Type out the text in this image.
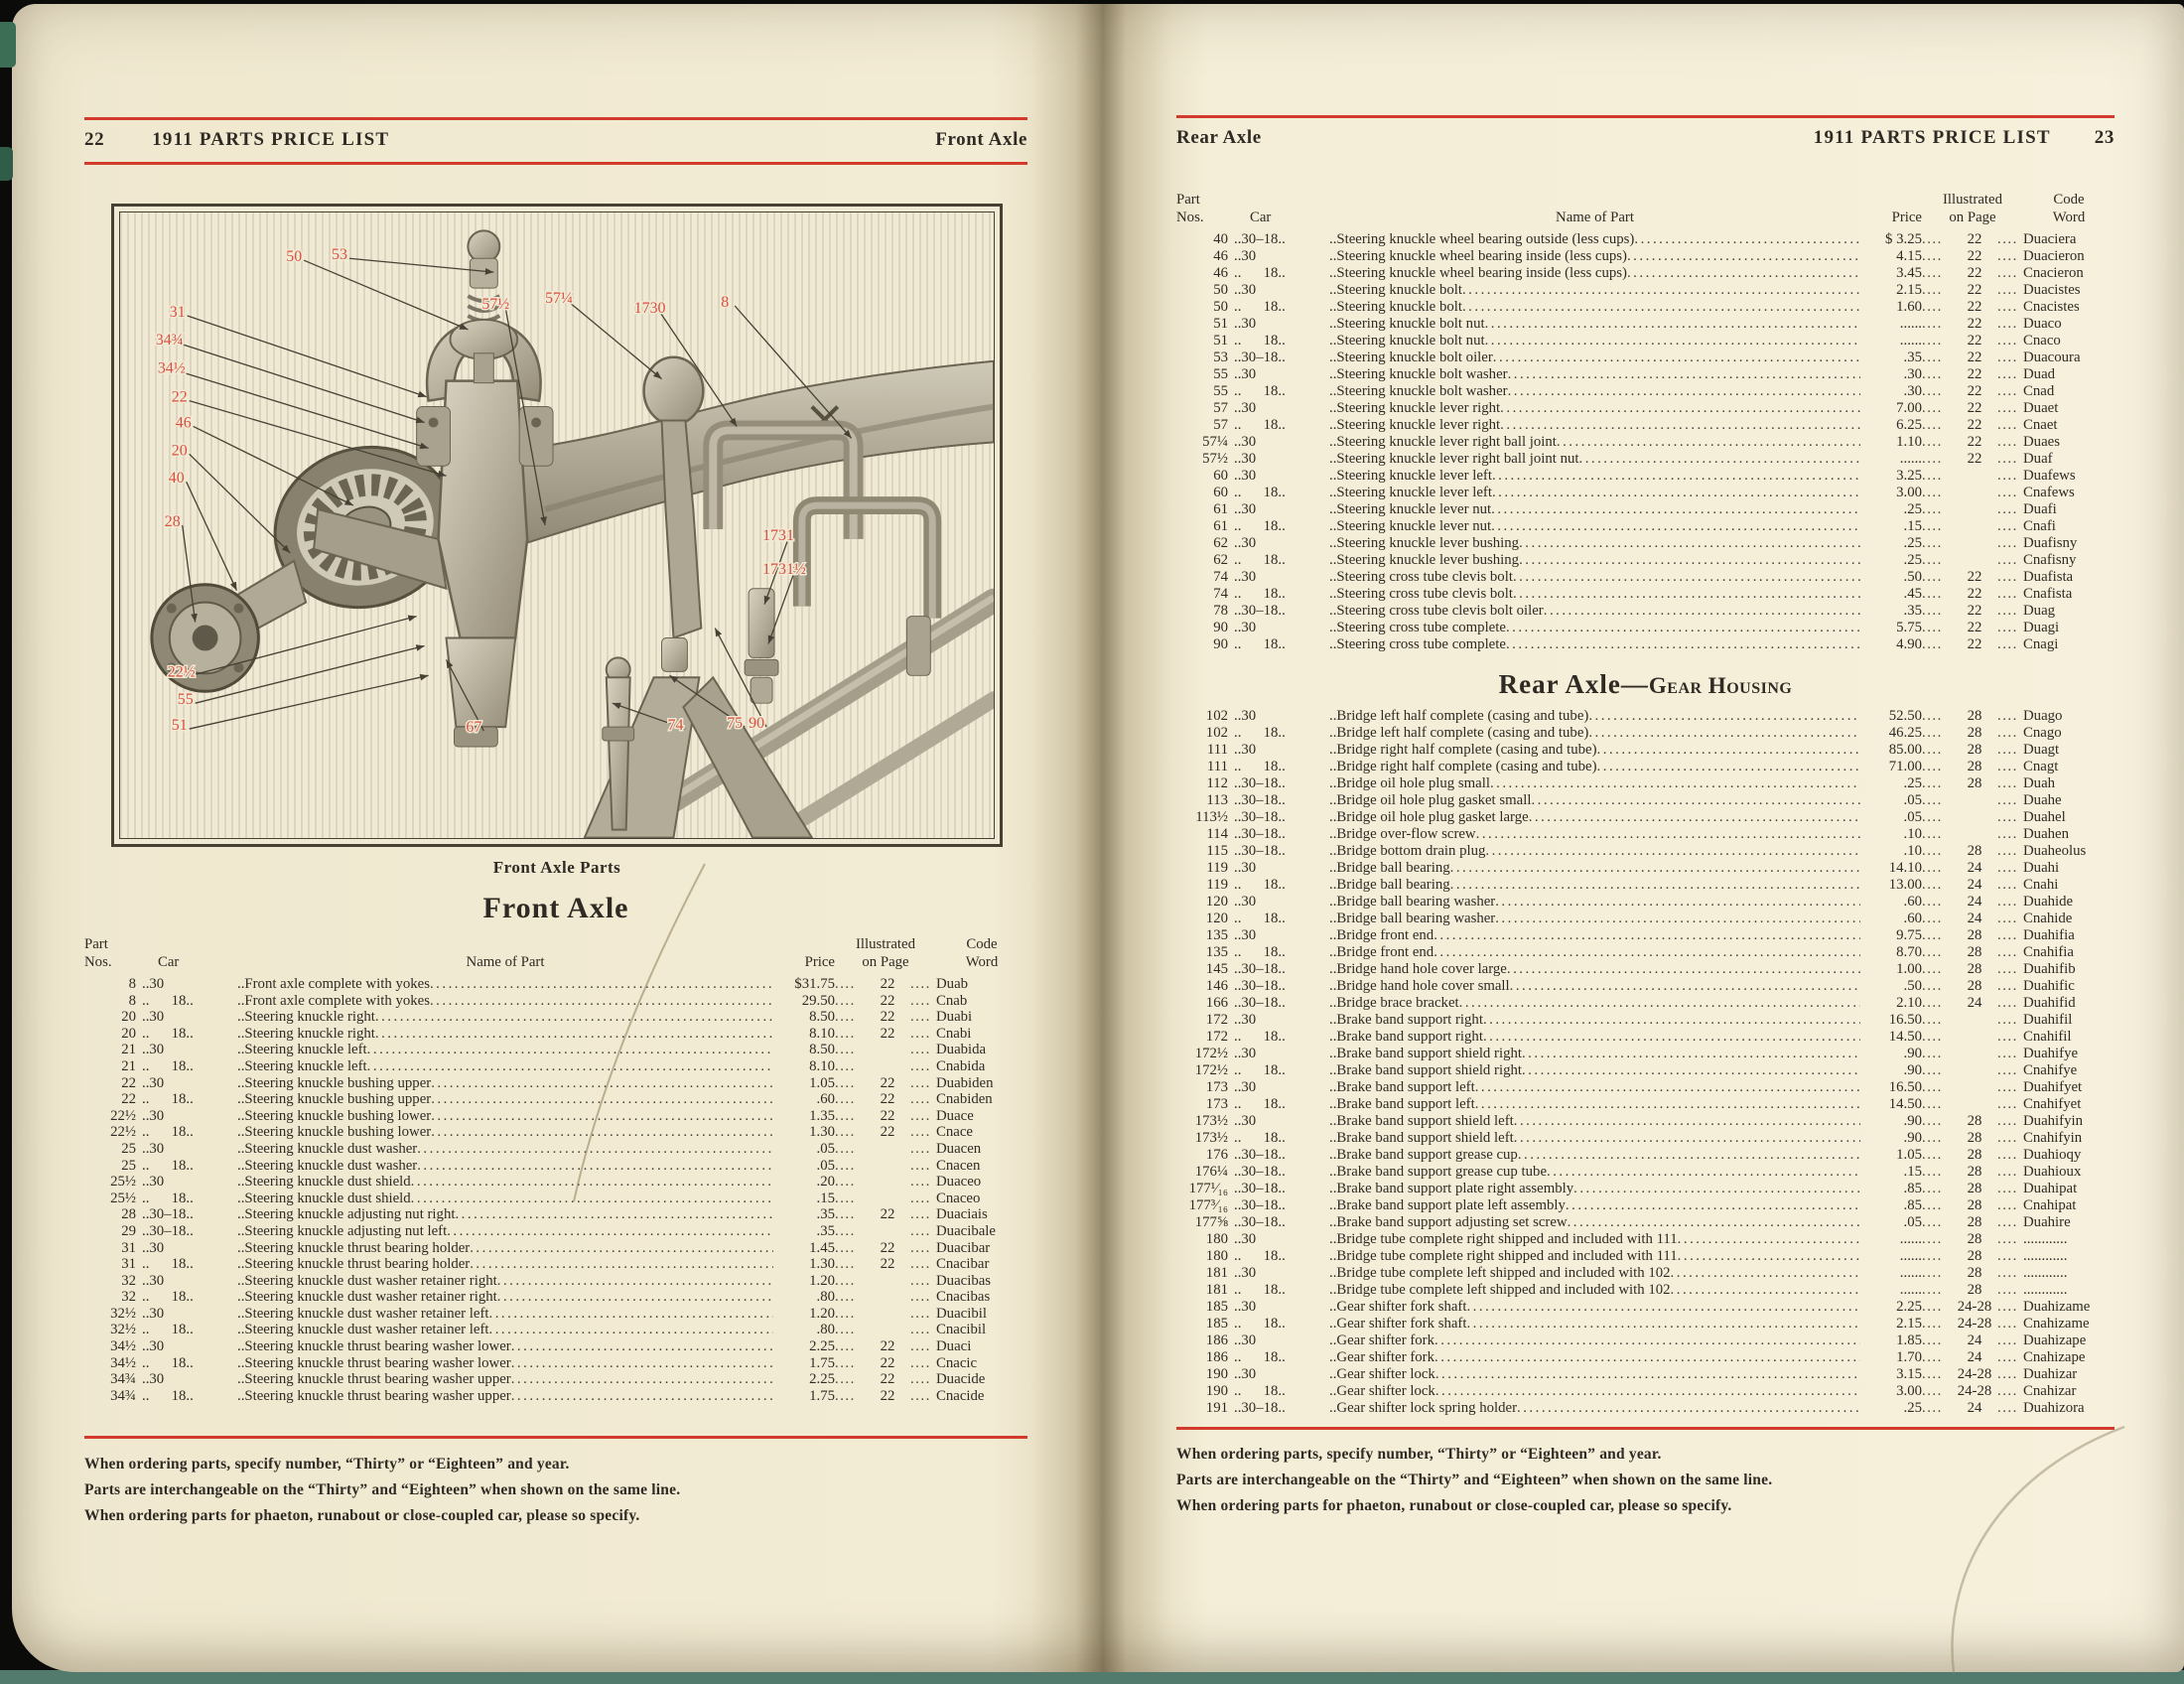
22	1911 PARTS PRICE LIST	Front Axle
50 53
31
34¾
34½
22
46
20
40
28
57½ 57¼
1730	8
1731
1731½
22½
55
51	67	74	75 90
Front Axle Parts
Front Axle
Part
Nos.	Car	Name of Part	Price
Illustrated
on Page
Code
Word
8 ..30	..Front axle complete with yokes .....	$31.75 ....	22	.... Duab
8 ..   18..	..Front axle complete with yokes .....	29.50 ....	22	.... Cnab
20 ..30	..Steering knuckle right .....	8.50 ....	22	.... Duabi
20 ..   18..	..Steering knuckle right .....	8.10 ....	22	.... Cnabi
21 ..30	..Steering knuckle left .....	8.50 ....	.... Duabida
21 ..   18..	..Steering knuckle left .....	8.10 ....	.... Cnabida
22 ..30	..Steering knuckle bushing upper .....	1.05 ....	22	.... Duabiden
22 ..   18..	..Steering knuckle bushing upper .....	.60 ....	22	.... Cnabiden
22½ ..30	..Steering knuckle bushing lower .....	1.35 ....	22	.... Duace
22½ ..   18..	..Steering knuckle bushing lower .....	1.30 ....	22	.... Cnace
25 ..30	..Steering knuckle dust washer .....	.05 ....	.... Duacen
25 ..   18..	..Steering knuckle dust washer .....	.05 ....	.... Cnacen
25½ ..30	..Steering knuckle dust shield .....	.20 ....	.... Duaceo
25½ ..   18..	..Steering knuckle dust shield .....	.15 ....	.... Cnaceo
28 ..30–18..	..Steering knuckle adjusting nut right .....	.35 ....	22	.... Duaciais
29 ..30–18..	..Steering knuckle adjusting nut left .....	.35 ....	.... Duacibale
31 ..30	..Steering knuckle thrust bearing holder .....	1.45 ....	22	.... Duacibar
31 ..   18..	..Steering knuckle thrust bearing holder .....	1.30 ....	22	.... Cnacibar
32 ..30	..Steering knuckle dust washer retainer right .....	1.20 ....	.... Duacibas
32 ..   18..	..Steering knuckle dust washer retainer right .....	.80 ....	.... Cnacibas
32½ ..30	..Steering knuckle dust washer retainer left .....	1.20 ....	.... Duacibil
32½ ..   18..	..Steering knuckle dust washer retainer left .....	.80 ....	.... Cnacibil
34½ ..30	..Steering knuckle thrust bearing washer lower .....	2.25 ....	22	.... Duaci
34½ ..   18..	..Steering knuckle thrust bearing washer lower .....	1.75 ....	22	.... Cnacic
34¾ ..30	..Steering knuckle thrust bearing washer upper .....	2.25 ....	22	.... Duacide
34¾ ..   18..	..Steering knuckle thrust bearing washer upper .....	1.75 ....	22	.... Cnacide
When ordering parts, specify number, “Thirty” or “Eighteen” and year.
Parts are interchangeable on the “Thirty” and “Eighteen” when shown on the same line.
When ordering parts for phaeton, runabout or close-coupled car, please so specify.
Rear Axle	1911 PARTS PRICE LIST 23
Part
Nos.	Car	Name of Part	Price
Illustrated
on Page
Code
Word
40 ..30–18..	..Steering knuckle wheel bearing outside (less cups) .....	$ 3.25 ....	22	.... Duaciera
46 ..30	..Steering knuckle wheel bearing inside (less cups) .....	4.15 ....	22	.... Duacieron
46 ..   18..	..Steering knuckle wheel bearing inside (less cups) .....	3.45 ....	22	.... Cnacieron
50 ..30	..Steering knuckle bolt .....	2.15 ....	22	.... Duacistes
50 ..   18..	..Steering knuckle bolt .....	1.60 ....	22	.... Cnacistes
51 ..30	..Steering knuckle bolt nut .....	...... ....	22	.... Duaco
51 ..   18..	..Steering knuckle bolt nut .....	...... ....	22	.... Cnaco
53 ..30–18..	..Steering knuckle bolt oiler .....	.35 ....	22	.... Duacoura
55 ..30	..Steering knuckle bolt washer .....	.30 ....	22	.... Duad
55 ..   18..	..Steering knuckle bolt washer .....	.30 ....	22	.... Cnad
57 ..30	..Steering knuckle lever right .....	7.00 ....	22	.... Duaet
57 ..   18..	..Steering knuckle lever right .....	6.25 ....	22	.... Cnaet
57¼ ..30	..Steering knuckle lever right ball joint .....	1.10 ....	22	.... Duaes
57½ ..30	..Steering knuckle lever right ball joint nut .....	...... ....	22	.... Duaf
60 ..30	..Steering knuckle lever left .....	3.25 ....	.... Duafews
60 ..   18..	..Steering knuckle lever left .....	3.00 ....	.... Cnafews
61 ..30	..Steering knuckle lever nut .....	.25 ....	.... Duafi
61 ..   18..	..Steering knuckle lever nut .....	.15 ....	.... Cnafi
62 ..30	..Steering knuckle lever bushing .....	.25 ....	.... Duafisny
62 ..   18..	..Steering knuckle lever bushing .....	.25 ....	.... Cnafisny
74 ..30	..Steering cross tube clevis bolt .....	.50 ....	22	.... Duafista
74 ..   18..	..Steering cross tube clevis bolt .....	.45 ....	22	.... Cnafista
78 ..30–18..	..Steering cross tube clevis bolt oiler .....	.35 ....	22	.... Duag
90 ..30	..Steering cross tube complete .....	5.75 ....	22	.... Duagi
90 ..   18..	..Steering cross tube complete .....	4.90 ....	22	.... Cnagi
Rear Axle—Gear Housing
102 ..30	..Bridge left half complete (casing and tube) .....	52.50 ....	28	.... Duago
102 ..   18..	..Bridge left half complete (casing and tube) .....	46.25 ....	28	.... Cnago
111 ..30	..Bridge right half complete (casing and tube) .....	85.00 ....	28	.... Duagt
111 ..   18..	..Bridge right half complete (casing and tube) .....	71.00 ....	28	.... Cnagt
112 ..30–18..	..Bridge oil hole plug small .....	.25 ....	28	.... Duah
113 ..30–18..	..Bridge oil hole plug gasket small .....	.05 ....	.... Duahe
113½ ..30–18..	..Bridge oil hole plug gasket large .....	.05 ....	.... Duahel
114 ..30–18..	..Bridge over-flow screw .....	.10 ....	.... Duahen
115 ..30–18..	..Bridge bottom drain plug .....	.10 ....	28	.... Duaheolus
119 ..30	..Bridge ball bearing .....	14.10 ....	24	.... Duahi
119 ..   18..	..Bridge ball bearing .....	13.00 ....	24	.... Cnahi
120 ..30	..Bridge ball bearing washer .....	.60 ....	24	.... Duahide
120 ..   18..	..Bridge ball bearing washer .....	.60 ....	24	.... Cnahide
135 ..30	..Bridge front end .....	9.75 ....	28	.... Duahifia
135 ..   18..	..Bridge front end .....	8.70 ....	28	.... Cnahifia
145 ..30–18..	..Bridge hand hole cover large .....	1.00 ....	28	.... Duahifib
146 ..30–18..	..Bridge hand hole cover small .....	.50 ....	28	.... Duahific
166 ..30–18..	..Bridge brace bracket .....	2.10 ....	24	.... Duahifid
172 ..30	..Brake band support right .....	16.50 ....	.... Duahifil
172 ..   18..	..Brake band support right .....	14.50 ....	.... Cnahifil
172½ ..30	..Brake band support shield right .....	.90 ....	.... Duahifye
172½ ..   18..	..Brake band support shield right .....	.90 ....	.... Cnahifye
173 ..30	..Brake band support left .....	16.50 ....	.... Duahifyet
173 ..   18..	..Brake band support left .....	14.50 ....	.... Cnahifyet
173½ ..30	..Brake band support shield left .....	.90 ....	28	.... Duahifyin
173½ ..   18..	..Brake band support shield left .....	.90 ....	28	.... Cnahifyin
176 ..30–18..	..Brake band support grease cup .....	1.05 ....	28	.... Duahioqy
176¼ ..30–18..	..Brake band support grease cup tube .....	.15 ....	28	.... Duahioux
177¹⁄₁₆ ..30–18..	..Brake band support plate right assembly .....	.85 ....	28	.... Duahipat
177³⁄₁₆ ..30–18..	..Brake band support plate left assembly .....	.85 ....	28	.... Cnahipat
177⅝ ..30–18..	..Brake band support adjusting set screw .....	.05 ....	28	.... Duahire
180 ..30	..Bridge tube complete right shipped and included with 111 .....	...... ....	28	.... ............
180 ..   18..	..Bridge tube complete right shipped and included with 111 .....	...... ....	28	.... ............
181 ..30	..Bridge tube complete left shipped and included with 102 .....	...... ....	28	.... ............
181 ..   18..	..Bridge tube complete left shipped and included with 102 .....	...... ....	28	.... ............
185 ..30	..Gear shifter fork shaft .....	2.25 ....	24-28 .... Duahizame
185 ..   18..	..Gear shifter fork shaft .....	2.15 ....	24-28 .... Cnahizame
186 ..30	..Gear shifter fork .....	1.85 ....	24	.... Duahizape
186 ..   18..	..Gear shifter fork .....	1.70 ....	24	.... Cnahizape
190 ..30	..Gear shifter lock .....	3.15 ....	24-28 .... Duahizar
190 ..   18..	..Gear shifter lock .....	3.00 ....	24-28 .... Cnahizar
191 ..30–18..	..Gear shifter lock spring holder .....	.25 ....	24	.... Duahizora
When ordering parts, specify number, “Thirty” or “Eighteen” and year.
Parts are interchangeable on the “Thirty” and “Eighteen” when shown on the same line.
When ordering parts for phaeton, runabout or close-coupled car, please so specify.
